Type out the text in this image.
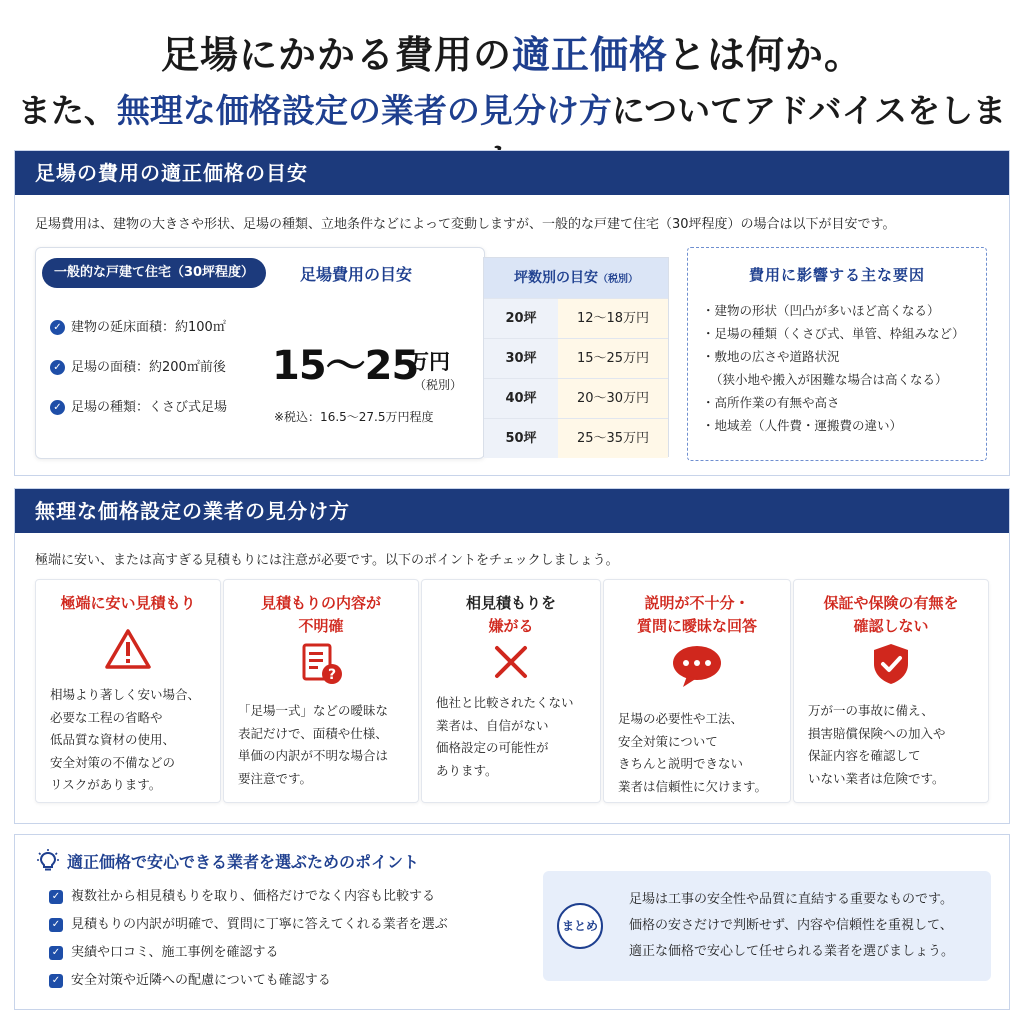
足場にかかる費用の適正価格とは何か。
また、無理な価格設定の業者の見分け方についてアドバイスをしま
足場の費用の適正価格の目安
足場費用は、建物の大きさや形状、足場の種類、立地条件などによって変動しますが、一般的な戸建て住宅（30坪程度）の場合は以下が目安です。
一般的な戸建て住宅（30坪程度）
✓ 建物の延床面積：約100㎡
✓ 足場の面積：約200㎡前後
✓ 足場の種類：くさび式足場
足場費用の目安
15〜25
万円
（税別）
※税込：16.5〜27.5万円程度
坪数別の目安（税別）
20坪	12〜18万円
30坪	15〜25万円
40坪	20〜30万円
50坪	25〜35万円
費用に影響する主な要因
・建物の形状（凹凸が多いほど高くなる）
・足場の種類（くさび式、単管、枠組みなど）
・敷地の広さや道路状況
（狭小地や搬入が困難な場合は高くなる）
・高所作業の有無や高さ
・地域差（人件費・運搬費の違い）
無理な価格設定の業者の見分け方
極端に安い、または高すぎる見積もりには注意が必要です。以下のポイントをチェックしましょう。
極端に安い見積もり
相場より著しく安い場合、
必要な工程の省略や
低品質な資材の使用、
安全対策の不備などの
リスクがあります。
見積もりの内容が
不明確
?
「足場一式」などの曖昧な
表記だけで、面積や仕様、
単価の内訳が不明な場合は
要注意です。
相見積もりを
嫌がる
他社と比較されたくない
業者は、自信がない
価格設定の可能性が
あります。
説明が不十分・
質問に曖昧な回答
足場の必要性や工法、
安全対策について
きちんと説明できない
業者は信頼性に欠けます。
保証や保険の有無を
確認しない
万が一の事故に備え、
損害賠償保険への加入や
保証内容を確認して
いない業者は危険です。
適正価格で安心できる業者を選ぶためのポイント
✓ 複数社から相見積もりを取り、価格だけでなく内容も比較する
✓ 見積もりの内訳が明確で、質問に丁寧に答えてくれる業者を選ぶ
✓ 実績や口コミ、施工事例を確認する
✓ 安全対策や近隣への配慮についても確認する
まとめ
足場は工事の安全性や品質に直結する重要なものです。
価格の安さだけで判断せず、内容や信頼性を重視して、
適正な価格で安心して任せられる業者を選びましょう。
